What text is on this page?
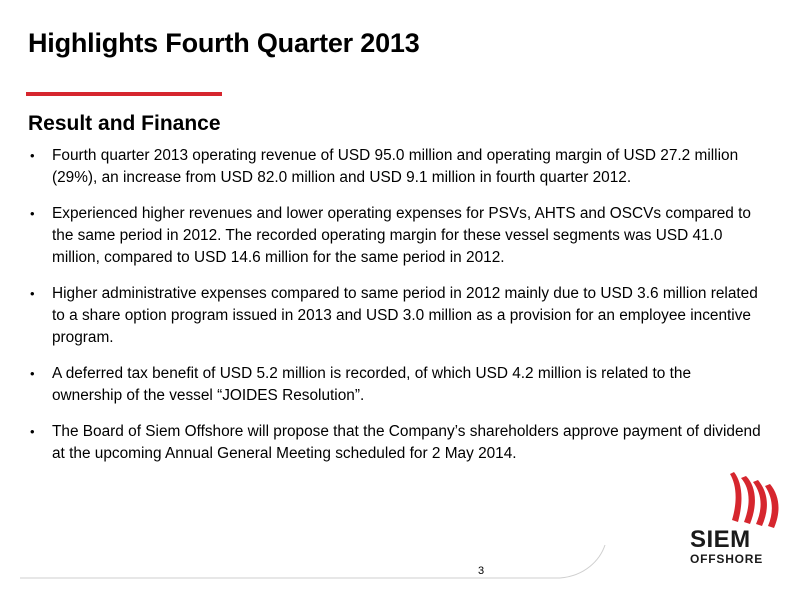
Highlights Fourth Quarter 2013
Result and Finance
• Fourth quarter 2013 operating revenue of USD 95.0 million and operating margin of USD 27.2 million (29%), an increase from USD 82.0 million and USD 9.1 million in fourth quarter 2012.
• Experienced higher revenues and lower operating expenses for PSVs, AHTS and OSCVs compared to the same period in 2012. The recorded operating margin for these vessel segments was USD 41.0 million, compared to USD 14.6 million for the same period in 2012.
• Higher administrative expenses compared to same period in 2012 mainly due to USD 3.6 million related to a share option program issued in 2013 and USD 3.0 million as a provision for an employee incentive program.
• A deferred tax benefit of USD 5.2 million is recorded, of which USD 4.2 million is related to the ownership of the vessel “JOIDES Resolution”.
• The Board of Siem Offshore will propose that the Company’s shareholders approve payment of dividend at the upcoming Annual General Meeting scheduled for 2 May 2014.
3
SIEM
OFFSHORE
